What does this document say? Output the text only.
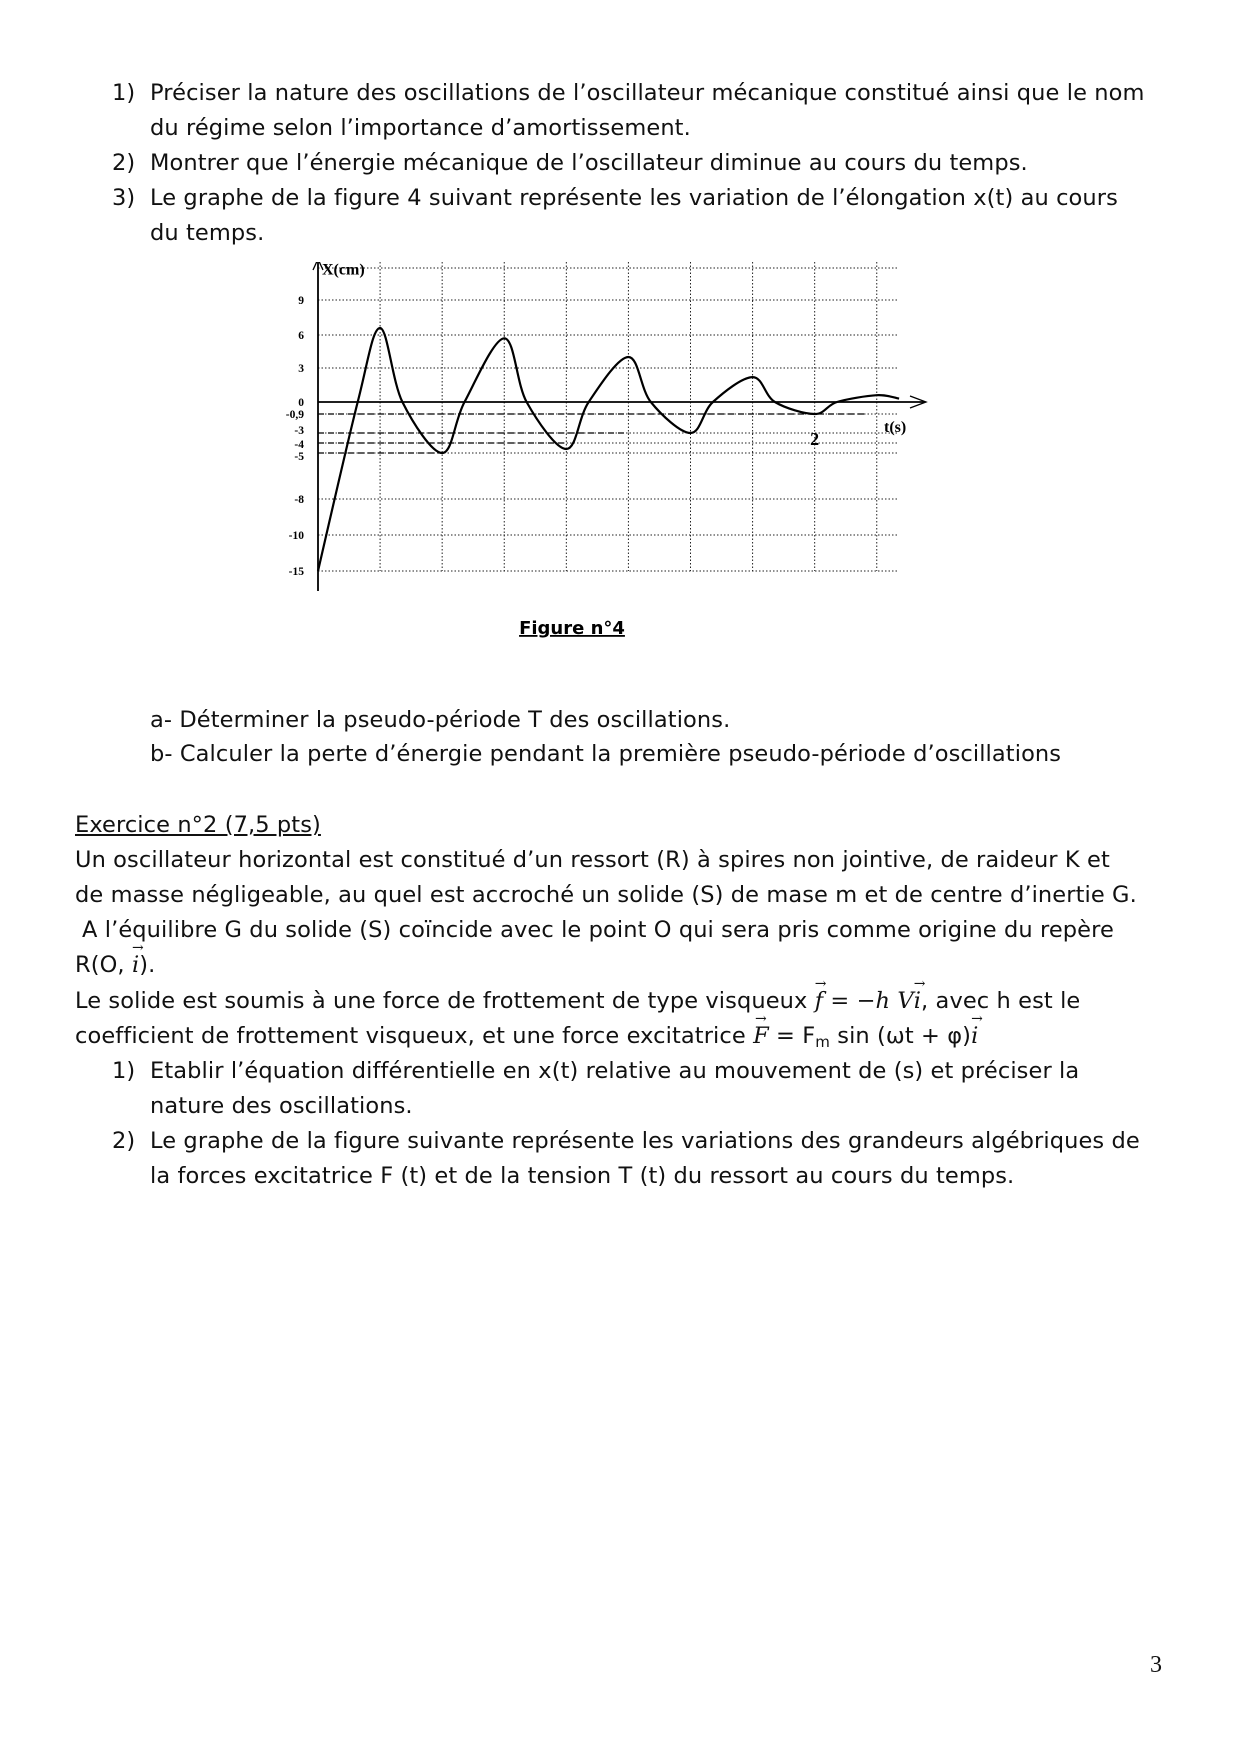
1) Préciser la nature des oscillations de l’oscillateur mécanique constitué ainsi que le nom
du régime selon l’importance d’amortissement.
2) Montrer que l’énergie mécanique de l’oscillateur diminue au cours du temps.
3) Le graphe de la figure 4 suivant représente les variation de l’élongation x(t) au cours
du temps.
9
6
3
0
-0,9
-3
-4
-5
-8
-10
-15
X(cm)
t(s)
2
Figure n°4
a- Déterminer la pseudo-période T des oscillations.
b- Calculer la perte d’énergie pendant la première pseudo-période d’oscillations
Exercice n°2 (7,5 pts)
Un oscillateur horizontal est constitué d’un ressort (R) à spires non jointive, de raideur K et
de masse négligeable, au quel est accroché un solide (S) de mase m et de centre d’inertie G.
A l’équilibre G du solide (S) coïncide avec le point O qui sera pris comme origine du repère
R(O, → i).
Le solide est soumis à une force de frottement de type visqueux → f = −h V→ i, avec h est le
coefficient de frottement visqueux, et une force excitatrice → $F = F_m$ sin (ωt + φ)→ i
1) Etablir l’équation différentielle en x(t) relative au mouvement de (s) et préciser la
nature des oscillations.
2) Le graphe de la figure suivante représente les variations des grandeurs algébriques de
la forces excitatrice F (t) et de la tension T (t) du ressort au cours du temps.
3
